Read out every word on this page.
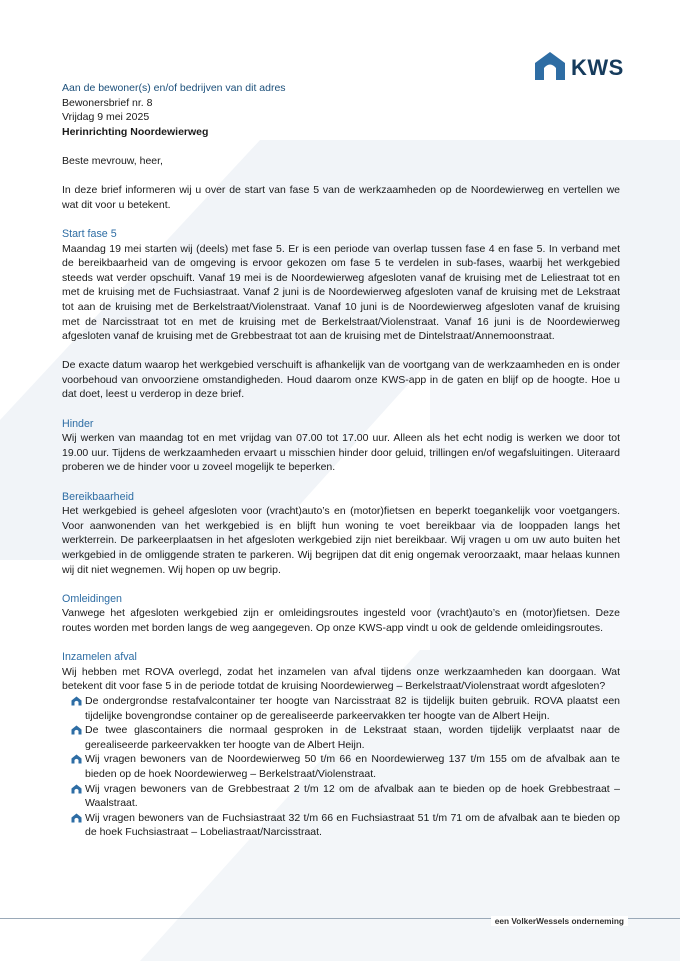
KWS

Aan de bewoner(s) en/of bedrijven van dit adres

Bewonersbrief nr. 8

Vrijdag 9 mei 2025

Herinrichting Noordewierweg

Beste mevrouw, heer,

In deze brief informeren wij u over de start van fase 5 van de werkzaamheden op de Noordewierweg en vertellen we wat dit voor u betekent.

Start fase 5

Maandag 19 mei starten wij (deels) met fase 5. Er is een periode van overlap tussen fase 4 en fase 5. In verband met de bereikbaarheid van de omgeving is ervoor gekozen om fase 5 te verdelen in sub-fases, waarbij het werkgebied steeds wat verder opschuift. Vanaf 19 mei is de Noordewierweg afgesloten vanaf de kruising met de Leliestraat tot en met de kruising met de Fuchsiastraat. Vanaf 2 juni is de Noordewierweg afgesloten vanaf de kruising met de Lekstraat tot aan de kruising met de Berkelstraat/Violenstraat. Vanaf 10 juni is de Noordewierweg afgesloten vanaf de kruising met de Narcisstraat tot en met de kruising met de Berkelstraat/Violenstraat. Vanaf 16 juni is de Noordewierweg afgesloten vanaf de kruising met de Grebbestraat tot aan de kruising met de Dintelstraat/Annemoonstraat.

De exacte datum waarop het werkgebied verschuift is afhankelijk van de voortgang van de werkzaamheden en is onder voorbehoud van onvoorziene omstandigheden. Houd daarom onze KWS-app in de gaten en blijf op de hoogte. Hoe u dat doet, leest u verderop in deze brief.

Hinder

Wij werken van maandag tot en met vrijdag van 07.00 tot 17.00 uur. Alleen als het echt nodig is werken we door tot 19.00 uur. Tijdens de werkzaamheden ervaart u misschien hinder door geluid, trillingen en/of wegafsluitingen. Uiteraard proberen we de hinder voor u zoveel mogelijk te beperken.

Bereikbaarheid

Het werkgebied is geheel afgesloten voor (vracht)auto’s en (motor)fietsen en beperkt toegankelijk voor voetgangers. Voor aanwonenden van het werkgebied is en blijft hun woning te voet bereikbaar via de looppaden langs het werkterrein. De parkeerplaatsen in het afgesloten werkgebied zijn niet bereikbaar. Wij vragen u om uw auto buiten het werkgebied in de omliggende straten te parkeren. Wij begrijpen dat dit enig ongemak veroorzaakt, maar helaas kunnen wij dit niet wegnemen. Wij hopen op uw begrip.

Omleidingen

Vanwege het afgesloten werkgebied zijn er omleidingsroutes ingesteld voor (vracht)auto’s en (motor)fietsen. Deze routes worden met borden langs de weg aangegeven. Op onze KWS-app vindt u ook de geldende omleidingsroutes.

Inzamelen afval

Wij hebben met ROVA overlegd, zodat het inzamelen van afval tijdens onze werkzaamheden kan doorgaan. Wat betekent dit voor fase 5 in de periode totdat de kruising Noordewierweg – Berkelstraat/Violenstraat wordt afgesloten?

De ondergrondse restafvalcontainer ter hoogte van Narcisstraat 82 is tijdelijk buiten gebruik. ROVA plaatst een tijdelijke bovengrondse container op de gerealiseerde parkeervakken ter hoogte van de Albert Heijn.
De twee glascontainers die normaal gesproken in de Lekstraat staan, worden tijdelijk verplaatst naar de gerealiseerde parkeervakken ter hoogte van de Albert Heijn.
Wij vragen bewoners van de Noordewierweg 50 t/m 66 en Noordewierweg 137 t/m 155 om de afvalbak aan te bieden op de hoek Noordewierweg – Berkelstraat/Violenstraat.
Wij vragen bewoners van de Grebbestraat 2 t/m 12 om de afvalbak aan te bieden op de hoek Grebbestraat – Waalstraat.
Wij vragen bewoners van de Fuchsiastraat 32 t/m 66 en Fuchsiastraat 51 t/m 71 om de afvalbak aan te bieden op de hoek Fuchsiastraat – Lobeliastraat/Narcisstraat.
een VolkerWessels onderneming
